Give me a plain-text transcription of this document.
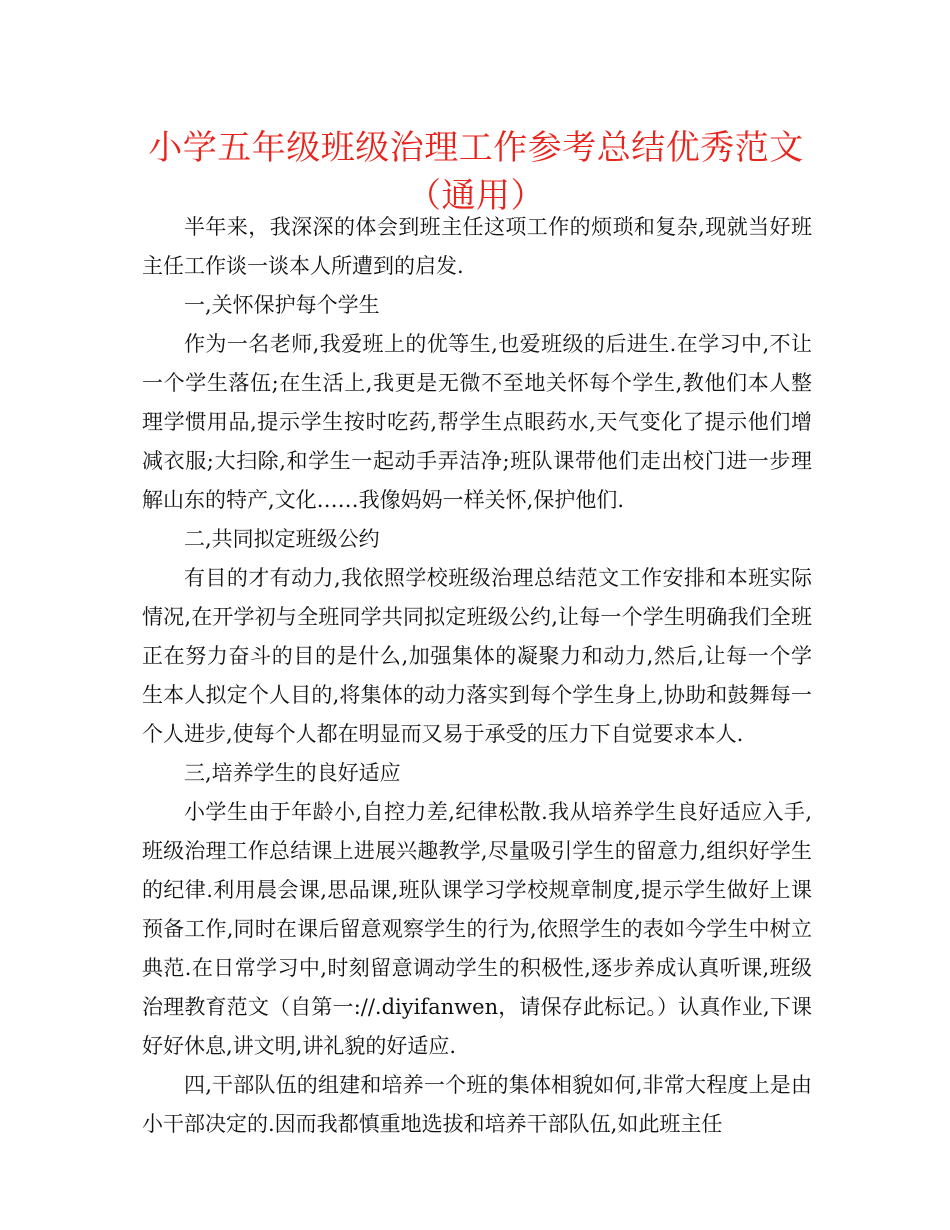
小学五年级班级治理工作参考总结优秀范文（通用）

半年来，我深深的体会到班主任这项工作的烦琐和复杂,现就当好班主任工作谈一谈本人所遭到的启发.

一,关怀保护每个学生

作为一名老师,我爱班上的优等生,也爱班级的后进生.在学习中,不让一个学生落伍;在生活上,我更是无微不至地关怀每个学生,教他们本人整理学惯用品,提示学生按时吃药,帮学生点眼药水,天气变化了提示他们增减衣服;大扫除,和学生一起动手弄洁净;班队课带他们走出校门进一步理解山东的特产,文化……我像妈妈一样关怀,保护他们.

二,共同拟定班级公约

有目的才有动力,我依照学校班级治理总结范文工作安排和本班实际情况,在开学初与全班同学共同拟定班级公约,让每一个学生明确我们全班正在努力奋斗的目的是什么,加强集体的凝聚力和动力,然后,让每一个学生本人拟定个人目的,将集体的动力落实到每个学生身上,协助和鼓舞每一个人进步,使每个人都在明显而又易于承受的压力下自觉要求本人.

三,培养学生的良好适应

小学生由于年龄小,自控力差,纪律松散.我从培养学生良好适应入手,班级治理工作总结课上进展兴趣教学,尽量吸引学生的留意力,组织好学生的纪律.利用晨会课,思品课,班队课学习学校规章制度,提示学生做好上课预备工作,同时在课后留意观察学生的行为,依照学生的表如今学生中树立典范.在日常学习中,时刻留意调动学生的积极性,逐步养成认真听课,班级治理教育范文（自第一://.diyifanwen，请保存此标记。）认真作业,下课好好休息,讲文明,讲礼貌的好适应.

四,干部队伍的组建和培养一个班的集体相貌如何,非常大程度上是由小干部决定的.因而我都慎重地选拔和培养干部队伍,如此班主任
